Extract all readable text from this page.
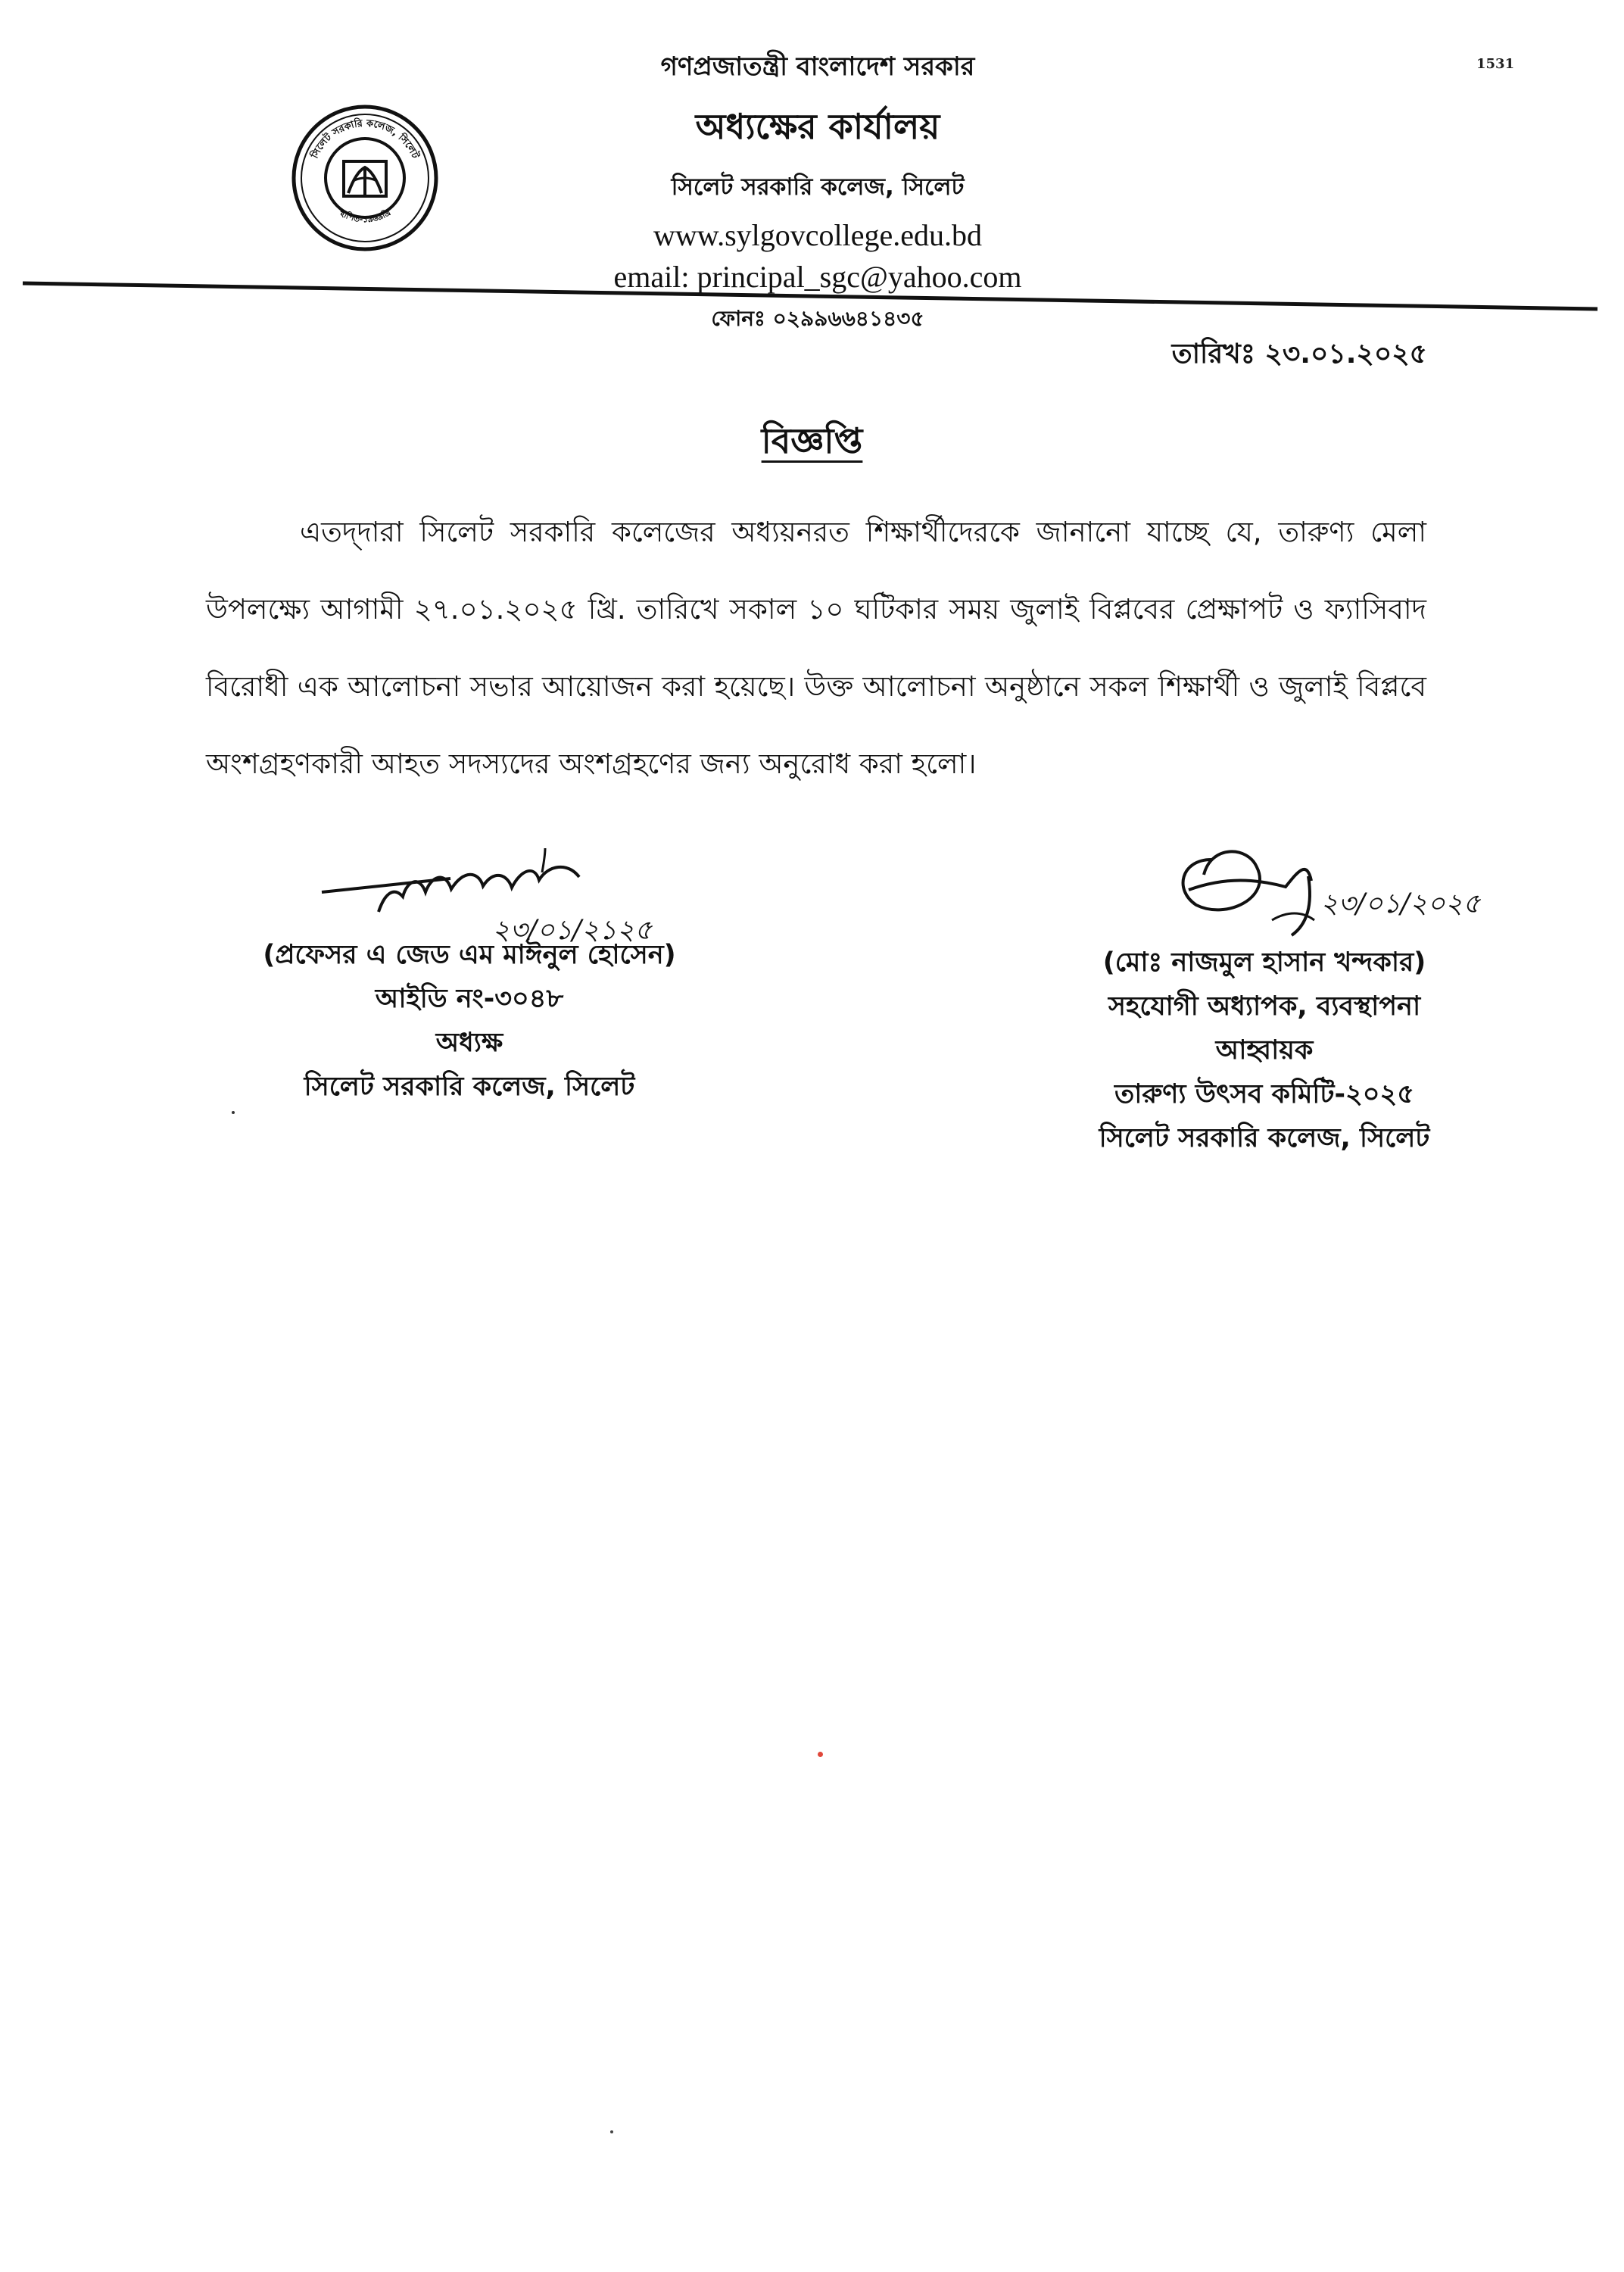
1531
সিলেট সরকারি কলেজ, সিলেট
স্থাপিত-১৯৬৯খ্রি
গণপ্রজাতন্ত্রী বাংলাদেশ সরকার
অধ্যক্ষের কার্যালয়
সিলেট সরকারি কলেজ, সিলেট
www.sylgovcollege.edu.bd
email: principal_sgc@yahoo.com
ফোনঃ ০২৯৯৬৬৪১৪৩৫
তারিখঃ ২৩.০১.২০২৫
বিজ্ঞপ্তি
এতদ্‌দারা সিলেট সরকারি কলেজের অধ্যয়নরত শিক্ষার্থীদেরকে জানানো যাচ্ছে যে, তারুণ্য মেলা উপলক্ষ্যে আগামী ২৭.০১.২০২৫ খ্রি. তারিখে সকাল ১০ ঘটিকার সময় জুলাই বিপ্লবের প্রেক্ষাপট ও ফ্যাসিবাদ বিরোধী এক আলোচনা সভার আয়োজন করা হয়েছে। উক্ত আলোচনা অনুষ্ঠানে সকল শিক্ষার্থী ও জুলাই বিপ্লবে অংশগ্রহণকারী আহত সদস্যদের অংশগ্রহণের জন্য অনুরোধ করা হলো।
২৩/০১/২১২৫
২৩/০১/২০২৫
(প্রফেসর এ জেড এম মাঈনুল হোসেন)
আইডি নং-৩০৪৮
অধ্যক্ষ
সিলেট সরকারি কলেজ, সিলেট
(মোঃ নাজমুল হাসান খন্দকার)
সহযোগী অধ্যাপক, ব্যবস্থাপনা
আহ্বায়ক
তারুণ্য উৎসব কমিটি-২০২৫
সিলেট সরকারি কলেজ, সিলেট
